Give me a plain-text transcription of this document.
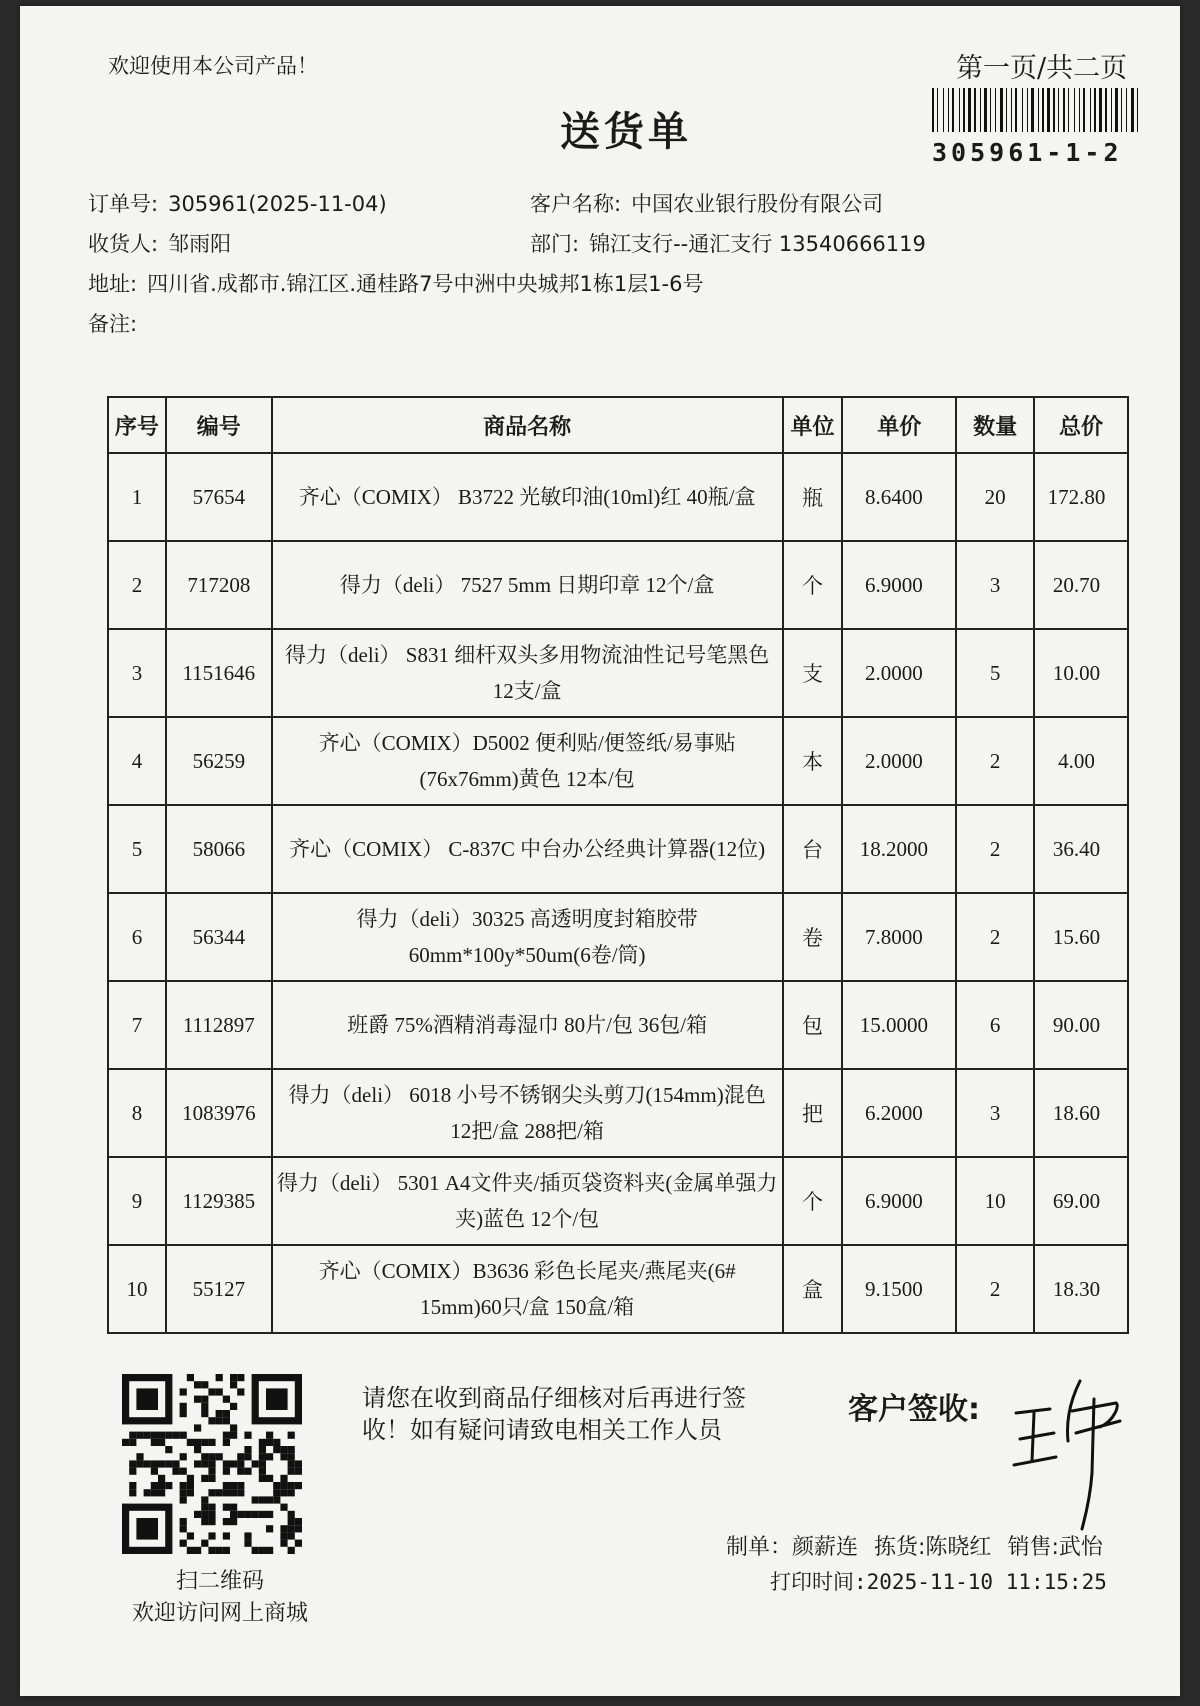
欢迎使用本公司产品！	第一页/共二页
305961-1-2
送货单
订单号: 305961(2025-11-04)	客户名称: 中国农业银行股份有限公司
收货人: 邹雨阳	部门: 锦江支行--通汇支行 13540666119
地址: 四川省.成都市.锦江区.通桂路7号中洲中央城邦1栋1层1-6号
备注:
序号	编号	商品名称	单位	单价	数量	总价
1	57654	齐心（COMIX） B3722 光敏印油(10ml)红 40瓶/盒	瓶	8.6400	20	172.80
2	717208	得力（deli） 7527 5mm 日期印章 12个/盒	个	6.9000	3	20.70
3	1151646	得力（deli） S831 细杆双头多用物流油性记号笔黑色 12支/盒	支	2.0000	5	10.00
4	56259	齐心（COMIX）D5002 便利贴/便签纸/易事贴(76x76mm)黄色 12本/包	本	2.0000	2	4.00
5	58066	齐心（COMIX） C-837C 中台办公经典计算器(12位)	台	18.2000	2	36.40
6	56344	得力（deli）30325 高透明度封箱胶带 60mm*100y*50um(6卷/筒)	卷	7.8000	2	15.60
7	1112897	班爵 75%酒精消毒湿巾 80片/包 36包/箱	包	15.0000	6	90.00
8	1083976	得力（deli） 6018 小号不锈钢尖头剪刀(154mm)混色 12把/盒 288把/箱	把	6.2000	3	18.60
9	1129385	得力（deli） 5301 A4文件夹/插页袋资料夹(金属单强力夹)蓝色 12个/包	个	6.9000	10	69.00
10	55127	齐心（COMIX）B3636 彩色长尾夹/燕尾夹(6# 15mm)60只/盒 150盒/箱	盒	9.1500	2	18.30
扫二维码
欢迎访问网上商城
请您在收到商品仔细核对后再进行签收！如有疑问请致电相关工作人员
客户签收:
制单：颜薪连 拣货:陈晓红 销售:武怡
打印时间:2025-11-10 11:15:25
